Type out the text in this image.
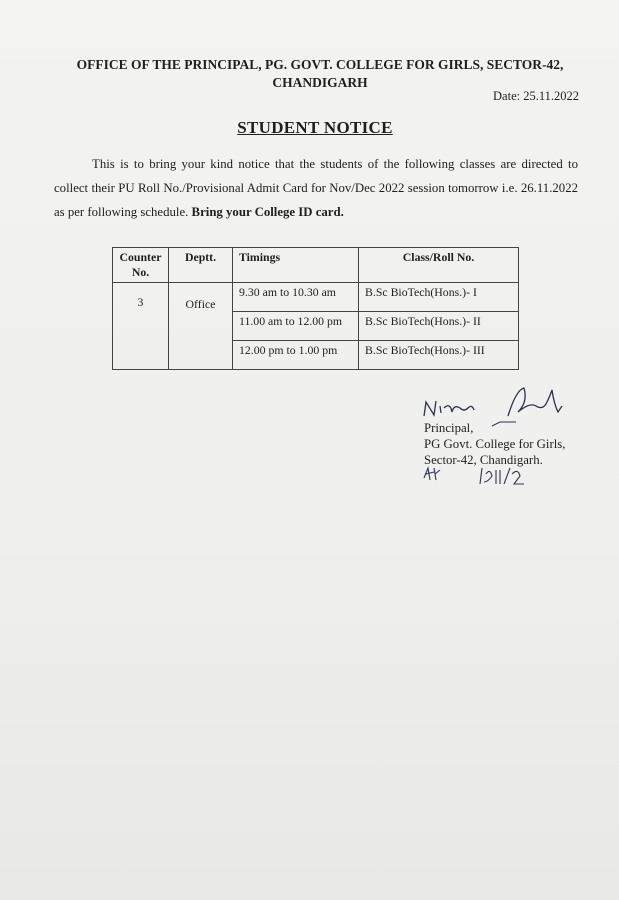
OFFICE OF THE PRINCIPAL, PG. GOVT. COLLEGE FOR GIRLS, SECTOR-42,
CHANDIGARH
Date: 25.11.2022
STUDENT NOTICE
This is to bring your kind notice that the students of the following classes are directed to collect their PU Roll No./Provisional Admit Card for Nov/Dec 2022 session tomorrow i.e. 26.11.2022 as per following schedule. Bring your College ID card.
Counter No.	Deptt.	Timings	Class/Roll No.
3	Office	9.30 am to 10.30 am	B.Sc BioTech(Hons.)- I
		11.00 am to 12.00 pm	B.Sc BioTech(Hons.)- II
		12.00 pm to 1.00 pm	B.Sc BioTech(Hons.)- III
Principal,
PG Govt. College for Girls,
Sector-42, Chandigarh.
